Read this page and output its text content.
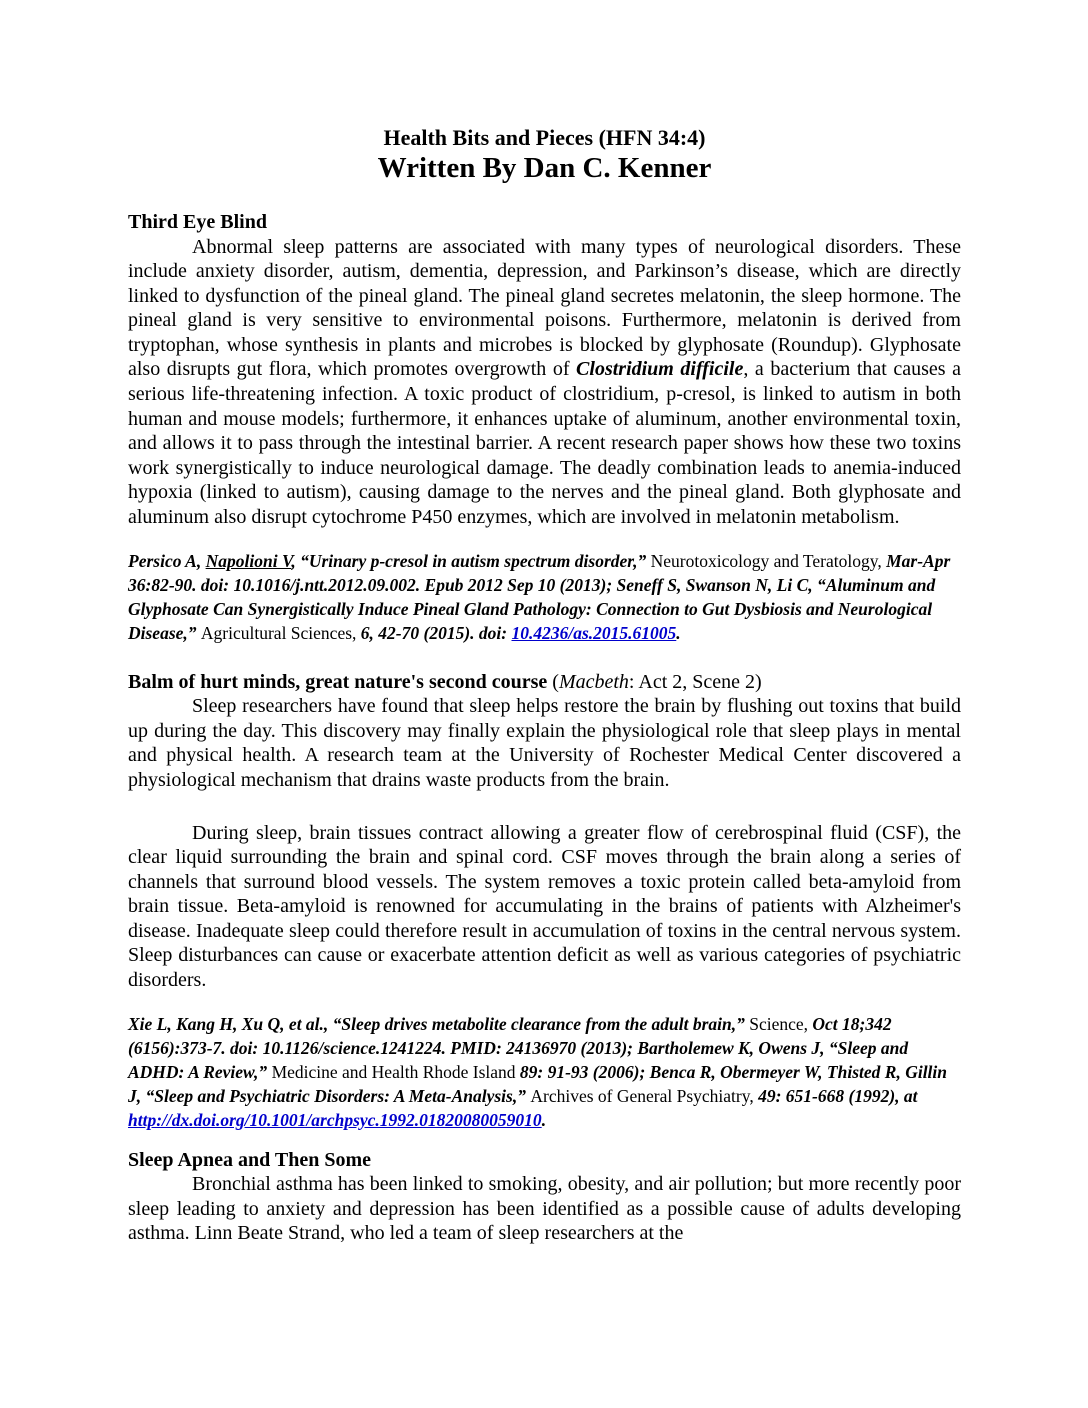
Health Bits and Pieces (HFN 34:4)
Written By Dan C. Kenner
Third Eye Blind

Abnormal sleep patterns are associated with many types of neurological disorders. These include anxiety disorder, autism, dementia, depression, and Parkinson’s disease, which are directly linked to dysfunction of the pineal gland. The pineal gland secretes melatonin, the sleep hormone. The pineal gland is very sensitive to environmental poisons. Furthermore, melatonin is derived from tryptophan, whose synthesis in plants and microbes is blocked by glyphosate (Roundup). Glyphosate also disrupts gut flora, which promotes overgrowth of Clostridium difficile, a bacterium that causes a serious life-threatening infection. A toxic product of clostridium, p-cresol, is linked to autism in both human and mouse models; furthermore, it enhances uptake of aluminum, another environmental toxin, and allows it to pass through the intestinal barrier. A recent research paper shows how these two toxins work synergistically to induce neurological damage. The deadly combination leads to anemia-induced hypoxia (linked to autism), causing damage to the nerves and the pineal gland. Both glyphosate and aluminum also disrupt cytochrome P450 enzymes, which are involved in melatonin metabolism.

Persico A, Napolioni V, “Urinary p-cresol in autism spectrum disorder,” Neurotoxicology and Teratology, Mar-Apr 36:82-90. doi: 10.1016/j.ntt.2012.09.002. Epub 2012 Sep 10 (2013); Seneff S, Swanson N, Li C, “Aluminum and Glyphosate Can Synergistically Induce Pineal Gland Pathology: Connection to Gut Dysbiosis and Neurological Disease,” Agricultural Sciences, 6, 42-70 (2015). doi: 10.4236/as.2015.61005.

Balm of hurt minds, great nature's second course (Macbeth: Act 2, Scene 2)

Sleep researchers have found that sleep helps restore the brain by flushing out toxins that build up during the day. This discovery may finally explain the physiological role that sleep plays in mental and physical health. A research team at the University of Rochester Medical Center discovered a physiological mechanism that drains waste products from the brain.

During sleep, brain tissues contract allowing a greater flow of cerebrospinal fluid (CSF), the clear liquid surrounding the brain and spinal cord. CSF moves through the brain along a series of channels that surround blood vessels. The system removes a toxic protein called beta-amyloid from brain tissue. Beta-amyloid is renowned for accumulating in the brains of patients with Alzheimer's disease. Inadequate sleep could therefore result in accumulation of toxins in the central nervous system. Sleep disturbances can cause or exacerbate attention deficit as well as various categories of psychiatric disorders.

Xie L, Kang H, Xu Q, et al., “Sleep drives metabolite clearance from the adult brain,” Science, Oct 18;342 (6156):373-7. doi: 10.1126/science.1241224. PMID: 24136970 (2013); Bartholemew K, Owens J, “Sleep and ADHD: A Review,” Medicine and Health Rhode Island 89: 91-93 (2006); Benca R, Obermeyer W, Thisted R, Gillin J, “Sleep and Psychiatric Disorders: A Meta-Analysis,” Archives of General Psychiatry, 49: 651-668 (1992), at http://dx.doi.org/10.1001/archpsyc.1992.01820080059010.

Sleep Apnea and Then Some

Bronchial asthma has been linked to smoking, obesity, and air pollution; but more recently poor sleep leading to anxiety and depression has been identified as a possible cause of adults developing asthma. Linn Beate Strand, who led a team of sleep researchers at the
